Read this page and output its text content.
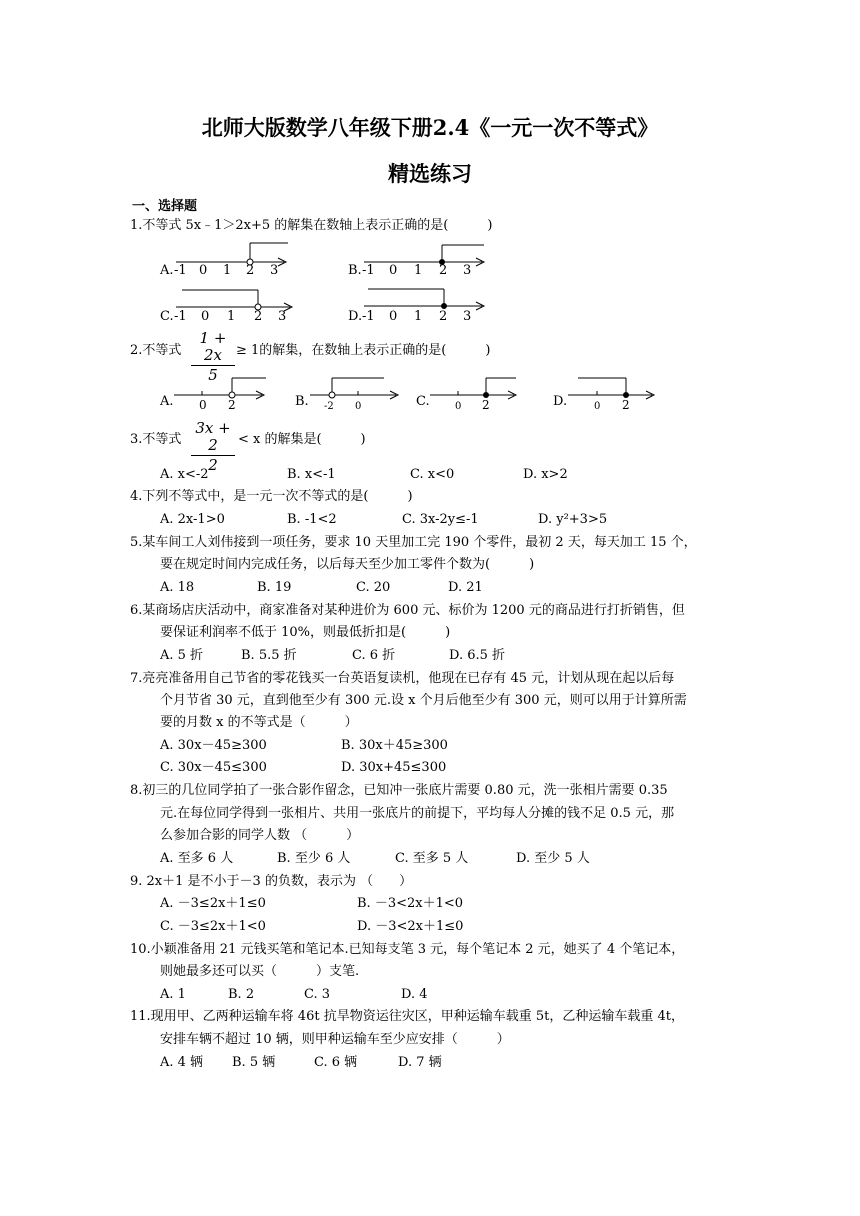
北师大版数学八年级下册2.4《一元一次不等式》
精选练习
一、选择题
1.不等式 5x﹣1＞2x+5 的解集在数轴上表示正确的是(　　　)
A. -1 0 1 2 3	B. -1 0 1 2 3
C. -1 0 1 2 3	D. -1 0 1 2 3
2.不等式
1 + 2x
5
≥ 1的解集，在数轴上表示正确的是(　　　)
A. 0 2	B. -2 0	C.	0 2	D.	0 2
3.不等式
3x + 2
2
< x 的解集是(　　　)
A. x<-2	B. x<-1	C. x<0	D. x>2
4.下列不等式中，是一元一次不等式的是(　　　)
A. 2x-1>0	B. -1<2	C. 3x-2y≤-1	D. y²+3>5
5.某车间工人刘伟接到一项任务，要求 10 天里加工完 190 个零件，最初 2 天，每天加工 15 个，
要在规定时间内完成任务，以后每天至少加工零件个数为(　　　)
A. 18	B. 19	C. 20	D. 21
6.某商场店庆活动中，商家准备对某种进价为 600 元、标价为 1200 元的商品进行打折销售，但
要保证利润率不低于 10%，则最低折扣是(　　　)
A. 5 折	B. 5.5 折	C. 6 折	D. 6.5 折
7.亮亮准备用自己节省的零花钱买一台英语复读机，他现在已存有 45 元，计划从现在起以后每
个月节省 30 元，直到他至少有 300 元.设 x 个月后他至少有 300 元，则可以用于计算所需
要的月数 x 的不等式是（　　　）
A. 30x－45≥300	B. 30x＋45≥300
C. 30x－45≤300	D. 30x+45≤300
8.初三的几位同学拍了一张合影作留念，已知冲一张底片需要 0.80 元，洗一张相片需要 0.35
元.在每位同学得到一张相片、共用一张底片的前提下，平均每人分摊的钱不足 0.5 元，那
么参加合影的同学人数 （　　　）
A. 至多 6 人	B. 至少 6 人	C. 至多 5 人	D. 至少 5 人
9. 2x＋1 是不小于－3 的负数，表示为 （　　）
A. －3≤2x＋1≤0	B. －3<2x＋1<0
C. －3≤2x＋1<0	D. －3<2x＋1≤0
10.小颖准备用 21 元钱买笔和笔记本.已知每支笔 3 元，每个笔记本 2 元，她买了 4 个笔记本，
则她最多还可以买（　　　）支笔.
A. 1	B. 2	C. 3	D. 4
11.现用甲、乙两种运输车将 46t 抗旱物资运往灾区，甲种运输车载重 5t，乙种运输车载重 4t，
安排车辆不超过 10 辆，则甲种运输车至少应安排（　　　）
A. 4 辆 B. 5 辆	C. 6 辆	D. 7 辆
